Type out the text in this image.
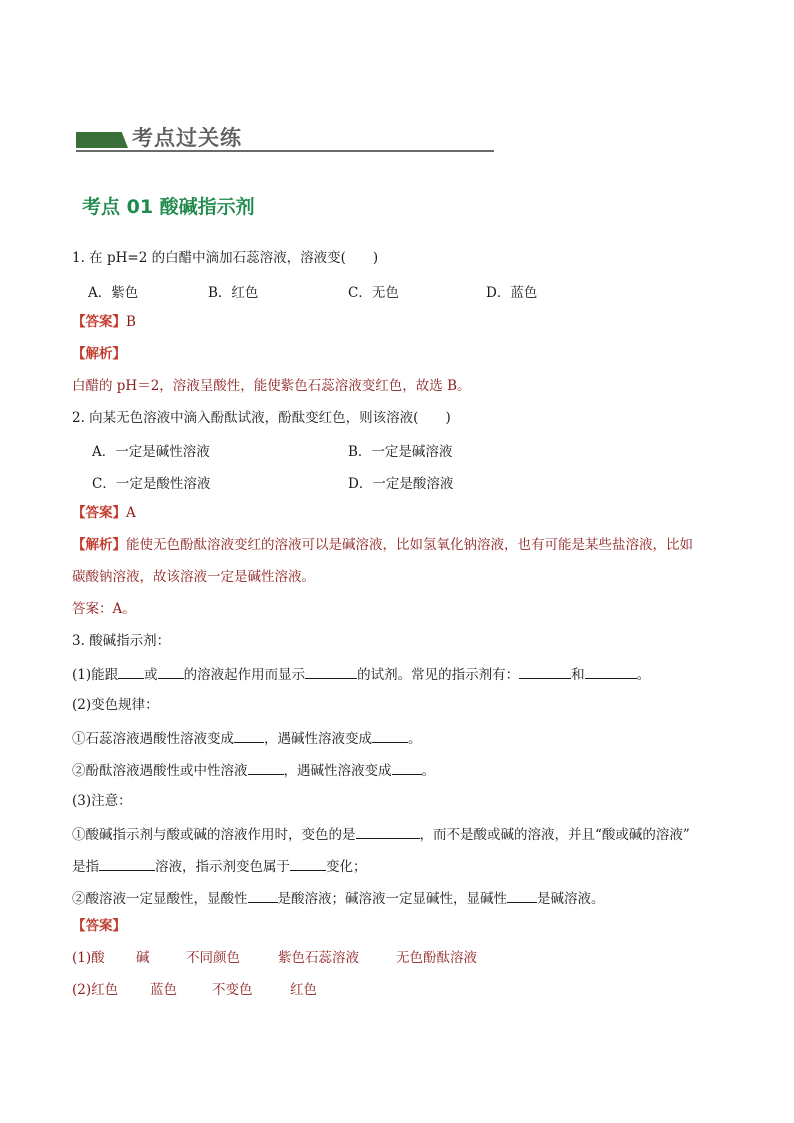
考点过关练
考点 01 酸碱指示剂
1. 在 pH=2 的白醋中滴加石蕊溶液，溶液变(　　)
A．紫色	B．红色	C．无色	D．蓝色
【答案】B
【解析】
白醋的 pH＝2，溶液呈酸性，能使紫色石蕊溶液变红色，故选 B。
2. 向某无色溶液中滴入酚酞试液，酚酞变红色，则该溶液(　　)
A．一定是碱性溶液	B．一定是碱溶液
C．一定是酸性溶液	D．一定是酸溶液
【答案】A
【解析】能使无色酚酞溶液变红的溶液可以是碱溶液，比如氢氧化钠溶液，也有可能是某些盐溶液，比如
碳酸钠溶液，故该溶液一定是碱性溶液。
答案：A。
3. 酸碱指示剂：
(1)能跟 或 的溶液起作用而显示	的试剂。常见的指示剂有：	和	。
(2)变色规律：
①石蕊溶液遇酸性溶液变成 ，遇碱性溶液变成	。
②酚酞溶液遇酸性或中性溶液	，遇碱性溶液变成 。
(3)注意：
①酸碱指示剂与酸或碱的溶液作用时，变色的是	，而不是酸或碱的溶液，并且“酸或碱的溶液”
是指	溶液，指示剂变色属于	变化；
②酸溶液一定显酸性，显酸性 是酸溶液；碱溶液一定显碱性，显碱性 是碱溶液。
【答案】
(1)酸 碱	不同颜色	紫色石蕊溶液	无色酚酞溶液
(2)红色 蓝色	不变色	红色
